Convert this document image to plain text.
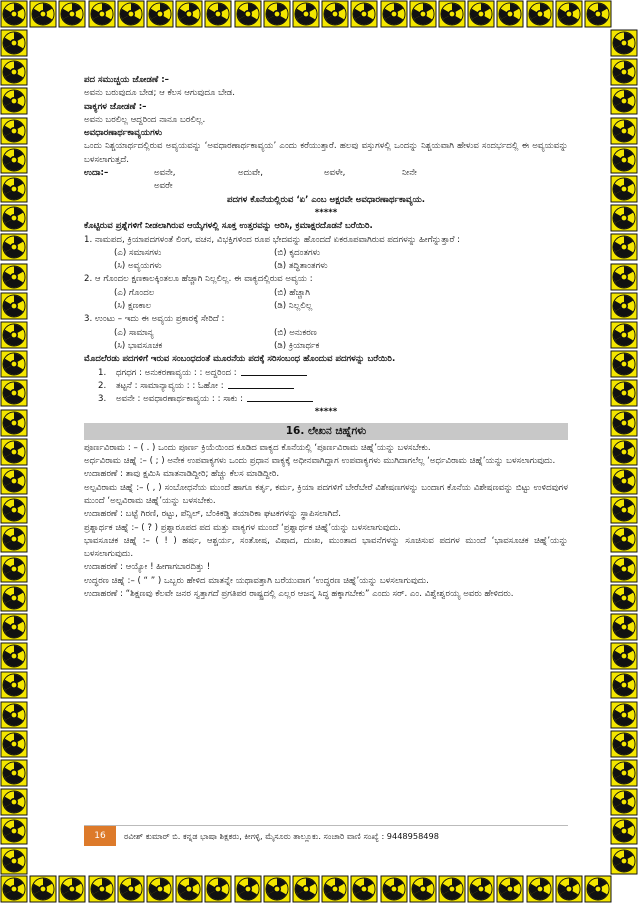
ಪದ ಸಮುಚ್ಚಯ ಜೋಡಣೆ :–
ಅವನು ಬರುವುದೂ ಬೇಡ; ಆ ಕೆಲಸ ಆಗುವುದೂ ಬೇಡ.
ವಾಕ್ಯಗಳ ಜೋಡಣೆ :–
ಅವನು ಬರಲಿಲ್ಲ ಆದ್ದರಿಂದ ನಾನೂ ಬರಲಿಲ್ಲ.
ಅವಧಾರಣಾರ್ಥಕಾವ್ಯಯಗಳು
ಒಂದು ನಿಶ್ಚಯಾರ್ಥದಲ್ಲಿರುವ ಅವ್ಯಯವನ್ನು ‘ಅವಧಾರಣಾರ್ಥಕಾವ್ಯಯ’ ಎಂದು ಕರೆಯುತ್ತಾರೆ. ಹಲವು ವಸ್ತುಗಳಲ್ಲಿ ಒಂದನ್ನು ನಿಶ್ಚಯವಾಗಿ ಹೇಳುವ ಸಂದರ್ಭದಲ್ಲಿ ಈ ಅವ್ಯಯವನ್ನು ಬಳಸಲಾಗುತ್ತದೆ.
ಉದಾ:–	ಅವನೇ,	ಅದುವೇ,	ಅವಳೇ,	ನೀನೇ
ಅವರೇ
ಪದಗಳ ಕೊನೆಯಲ್ಲಿರುವ ‘ಏ’ ಎಂಬ ಅಕ್ಷರವೇ ಅವಧಾರಣಾರ್ಥಕಾವ್ಯಯ.
*****
ಕೊಟ್ಟಿರುವ ಪ್ರಶ್ನೆಗಳಿಗೆ ನೀಡಲಾಗಿರುವ ಆಯ್ಕೆಗಳಲ್ಲಿ ಸೂಕ್ತ ಉತ್ತರವನ್ನು ಆರಿಸಿ, ಕ್ರಮಾಕ್ಷರದೊಡನೆ ಬರೆಯಿರಿ.
1. ನಾಮಪದ, ಕ್ರಿಯಾಪದಗಳಂತೆ ಲಿಂಗ, ವಚನ, ವಿಭಕ್ತಿಗಳಿಂದ ರೂಪ ಭೇದವನ್ನು ಹೊಂದದೆ ಏಕರೂಪವಾಗಿರುವ ಪದಗಳನ್ನು ಹೀಗೆನ್ನುತ್ತಾರೆ :
(ಎ) ಸಮಾಸಗಳು	(ಬಿ) ಕೃದಂತಗಳು
(ಸಿ) ಅವ್ಯಯಗಳು	(ಡಿ) ತದ್ಧಿತಾಂತಗಳು
2. ಆ ಗೊಂದಲ ಕ್ಷಣಕಾಲಕ್ಕಿಂತಲೂ ಹೆಚ್ಚಾಗಿ ನಿಲ್ಲಲಿಲ್ಲ. ಈ ವಾಕ್ಯದಲ್ಲಿರುವ ಅವ್ಯಯ :
(ಎ) ಗೊಂದಲ	(ಬಿ) ಹೆಚ್ಚಾಗಿ
(ಸಿ) ಕ್ಷಣಕಾಲ	(ಡಿ) ನಿಲ್ಲಲಿಲ್ಲ
3. ಉಂಟು – ಇದು ಈ ಅವ್ಯಯ ಪ್ರಕಾರಕ್ಕೆ ಸೇರಿದೆ :
(ಎ) ಸಾಮಾನ್ಯ	(ಬಿ) ಅನುಕರಣ
(ಸಿ) ಭಾವಸೂಚಕ	(ಡಿ) ಕ್ರಿಯಾರ್ಥಕ
ಮೊದಲೆರಡು ಪದಗಳಿಗೆ ಇರುವ ಸಂಬಂಧದಂತೆ ಮೂರನೆಯ ಪದಕ್ಕೆ ಸರಿಸಂಬಂಧ ಹೊಂದುವ ಪದಗಳನ್ನು ಬರೆಯಿರಿ.
1.	ಧಗಧಗ : ಅನುಕರಣಾವ್ಯಯ : : ಅದ್ದರಿಂದ :
2.	ತಟ್ಟನೆ : ಸಾಮಾನ್ಯಾವ್ಯಯ : : ಓಹೋ :
3.	ಅವನೇ : ಅವಧಾರಣಾರ್ಥಕಾವ್ಯಯ : : ಸಾಕು :
*****
16. ಲೇಖನ ಚಿಹ್ನೆಗಳು
ಪೂರ್ಣವಿರಾಮ : – ( . ) ಒಂದು ಪೂರ್ಣ ಕ್ರಿಯೆಯಿಂದ ಕೂಡಿದ ವಾಕ್ಯದ ಕೊನೆಯಲ್ಲಿ ‘ಪೂರ್ಣವಿರಾಮ ಚಿಹ್ನೆ’ಯನ್ನು ಬಳಸಬೇಕು.
ಅರ್ಧವಿರಾಮ ಚಿಹ್ನೆ :– ( ; ) ಅನೇಕ ಉಪವಾಕ್ಯಗಳು ಒಂದು ಪ್ರಧಾನ ವಾಕ್ಯಕ್ಕೆ ಅಧೀನವಾಗಿದ್ದಾಗ ಉಪವಾಕ್ಯಗಳು ಮುಗಿದಾಗಲೆಲ್ಲ ‘ಅರ್ಧವಿರಾಮ ಚಿಹ್ನೆ’ಯನ್ನು ಬಳಸಲಾಗುವುದು.
ಉದಾಹರಣೆ : ತಾವು ಕ್ಷಮಿಸಿ ಮಾತನಾಡಿದ್ದೀರಿ; ಹೆಚ್ಚು ಕೆಲಸ ಮಾಡಿದ್ದೀರಿ.
ಅಲ್ಪವಿರಾಮ ಚಿಹ್ನೆ :– ( , ) ಸಂಬೋಧನೆಯ ಮುಂದೆ ಹಾಗೂ ಕರ್ತೃ, ಕರ್ಮ, ಕ್ರಿಯಾ ಪದಗಳಿಗೆ ಬೇರೆಬೇರೆ ವಿಶೇಷಣಗಳನ್ನು ಬಂದಾಗ ಕೊನೆಯ ವಿಶೇಷಣವನ್ನು ಬಿಟ್ಟು ಉಳಿದವುಗಳ ಮುಂದೆ ‘ಅಲ್ಪವಿರಾಮ ಚಿಹ್ನೆ’ಯನ್ನು ಬಳಸಬೇಕು.
ಉದಾಹರಣೆ : ಬಟ್ಟೆ ಗಿರಣಿ, ರಟ್ಟು, ಪೆನ್ಸಿಲ್, ಬೆಂಕಿಕಡ್ಡಿ ತಯಾರಿಕಾ ಘಟಕಗಳನ್ನು ಸ್ಥಾಪಿಸಲಾಗಿದೆ.
ಪ್ರಶ್ನಾರ್ಥಕ ಚಿಹ್ನೆ :– ( ? ) ಪ್ರಶ್ನಾರೂಪದ ಪದ ಮತ್ತು ವಾಕ್ಯಗಳ ಮುಂದೆ ‘ಪ್ರಶ್ನಾರ್ಥಕ ಚಿಹ್ನೆ’ಯನ್ನು ಬಳಸಲಾಗುವುದು.
ಭಾವಸೂಚಕ ಚಿಹ್ನೆ :– ( ! ) ಹರ್ಷ, ಆಶ್ಚರ್ಯ, ಸಂತೋಷ, ವಿಷಾದ, ದುಃಖ, ಮುಂತಾದ ಭಾವನೆಗಳನ್ನು ಸೂಚಿಸುವ ಪದಗಳ ಮುಂದೆ ‘ಭಾವಸೂಚಕ ಚಿಹ್ನೆ’ಯನ್ನು ಬಳಸಲಾಗುವುದು.
ಉದಾಹರಣೆ : ಆಯ್ಯೋ ! ಹೀಗಾಗಬಾರದಿತ್ತು !
ಉದ್ಧರಣ ಚಿಹ್ನೆ :– ( “ ” ) ಒಬ್ಬರು ಹೇಳಿದ ಮಾತನ್ನೇ ಯಥಾವತ್ತಾಗಿ ಬರೆಯುವಾಗ ‘ಉದ್ಧರಣ ಚಿಹ್ನೆ’ಯನ್ನು ಬಳಸಲಾಗುವುದು.
ಉದಾಹರಣೆ : “ಶಿಕ್ಷಣವು ಕೆಲವೇ ಜನರ ಸ್ವತ್ತಾಗದೆ ಪ್ರಗತಿಪರ ರಾಷ್ಟ್ರದಲ್ಲಿ ಎಲ್ಲರ ಆಜನ್ಮ ಸಿದ್ಧ ಹಕ್ಕಾಗಬೇಕು” ಎಂದು ಸರ್. ಎಂ. ವಿಶ್ವೇಶ್ವರಯ್ಯ ಅವರು ಹೇಳಿದರು.
16	ರವೀಶ್ ಕುಮಾರ್ ಬಿ. ಕನ್ನಡ ಭಾಷಾ ಶಿಕ್ಷಕರು, ಕೀಗಳ್ಳಿ, ಮೈಸೂರು ತಾಲ್ಲೂಕು. ಸಂಚಾರಿ ವಾಣಿ ಸಂಖ್ಯೆ : 9448958498
